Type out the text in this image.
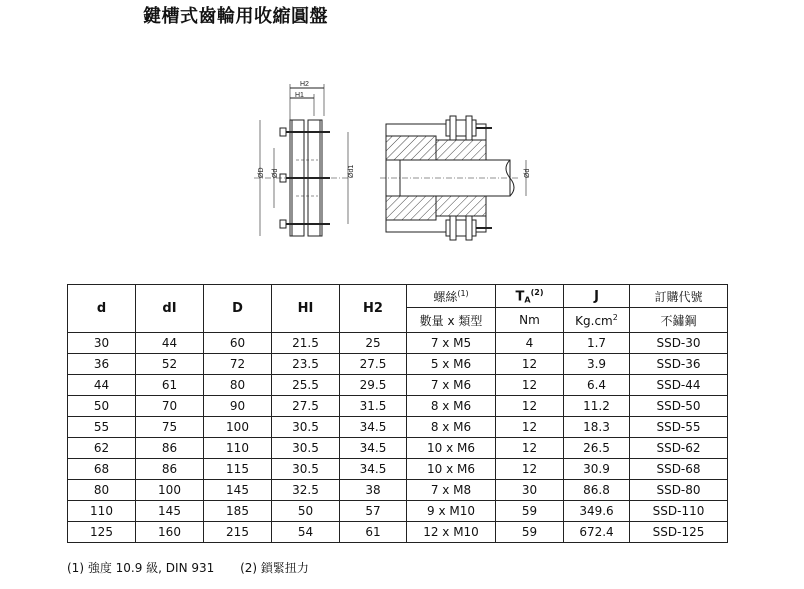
鍵槽式齒輪用收縮圓盤
H2
H1
ØD Ød	Ød1	Ød
d	dI	D	HI	H2	螺絲$^{(1)}$	$T_A^{(2)}$	J	訂購代號
					數量 x 類型	Nm	$Kg.cm^2$	不鏽鋼
30	44	60	21.5	25	7 x M5	4	1.7	SSD-30
36	52	72	23.5	27.5	5 x M6	12	3.9	SSD-36
44	61	80	25.5	29.5	7 x M6	12	6.4	SSD-44
50	70	90	27.5	31.5	8 x M6	12	11.2	SSD-50
55	75	100	30.5	34.5	8 x M6	12	18.3	SSD-55
62	86	110	30.5	34.5	10 x M6	12	26.5	SSD-62
68	86	115	30.5	34.5	10 x M6	12	30.9	SSD-68
80	100	145	32.5	38	7 x M8	30	86.8	SSD-80
110	145	185	50	57	9 x M10	59	349.6	SSD-110
125	160	215	54	61	12 x M10	59	672.4	SSD-125
(1) 強度 10.9 級, DIN 931 (2) 鎖緊扭力
